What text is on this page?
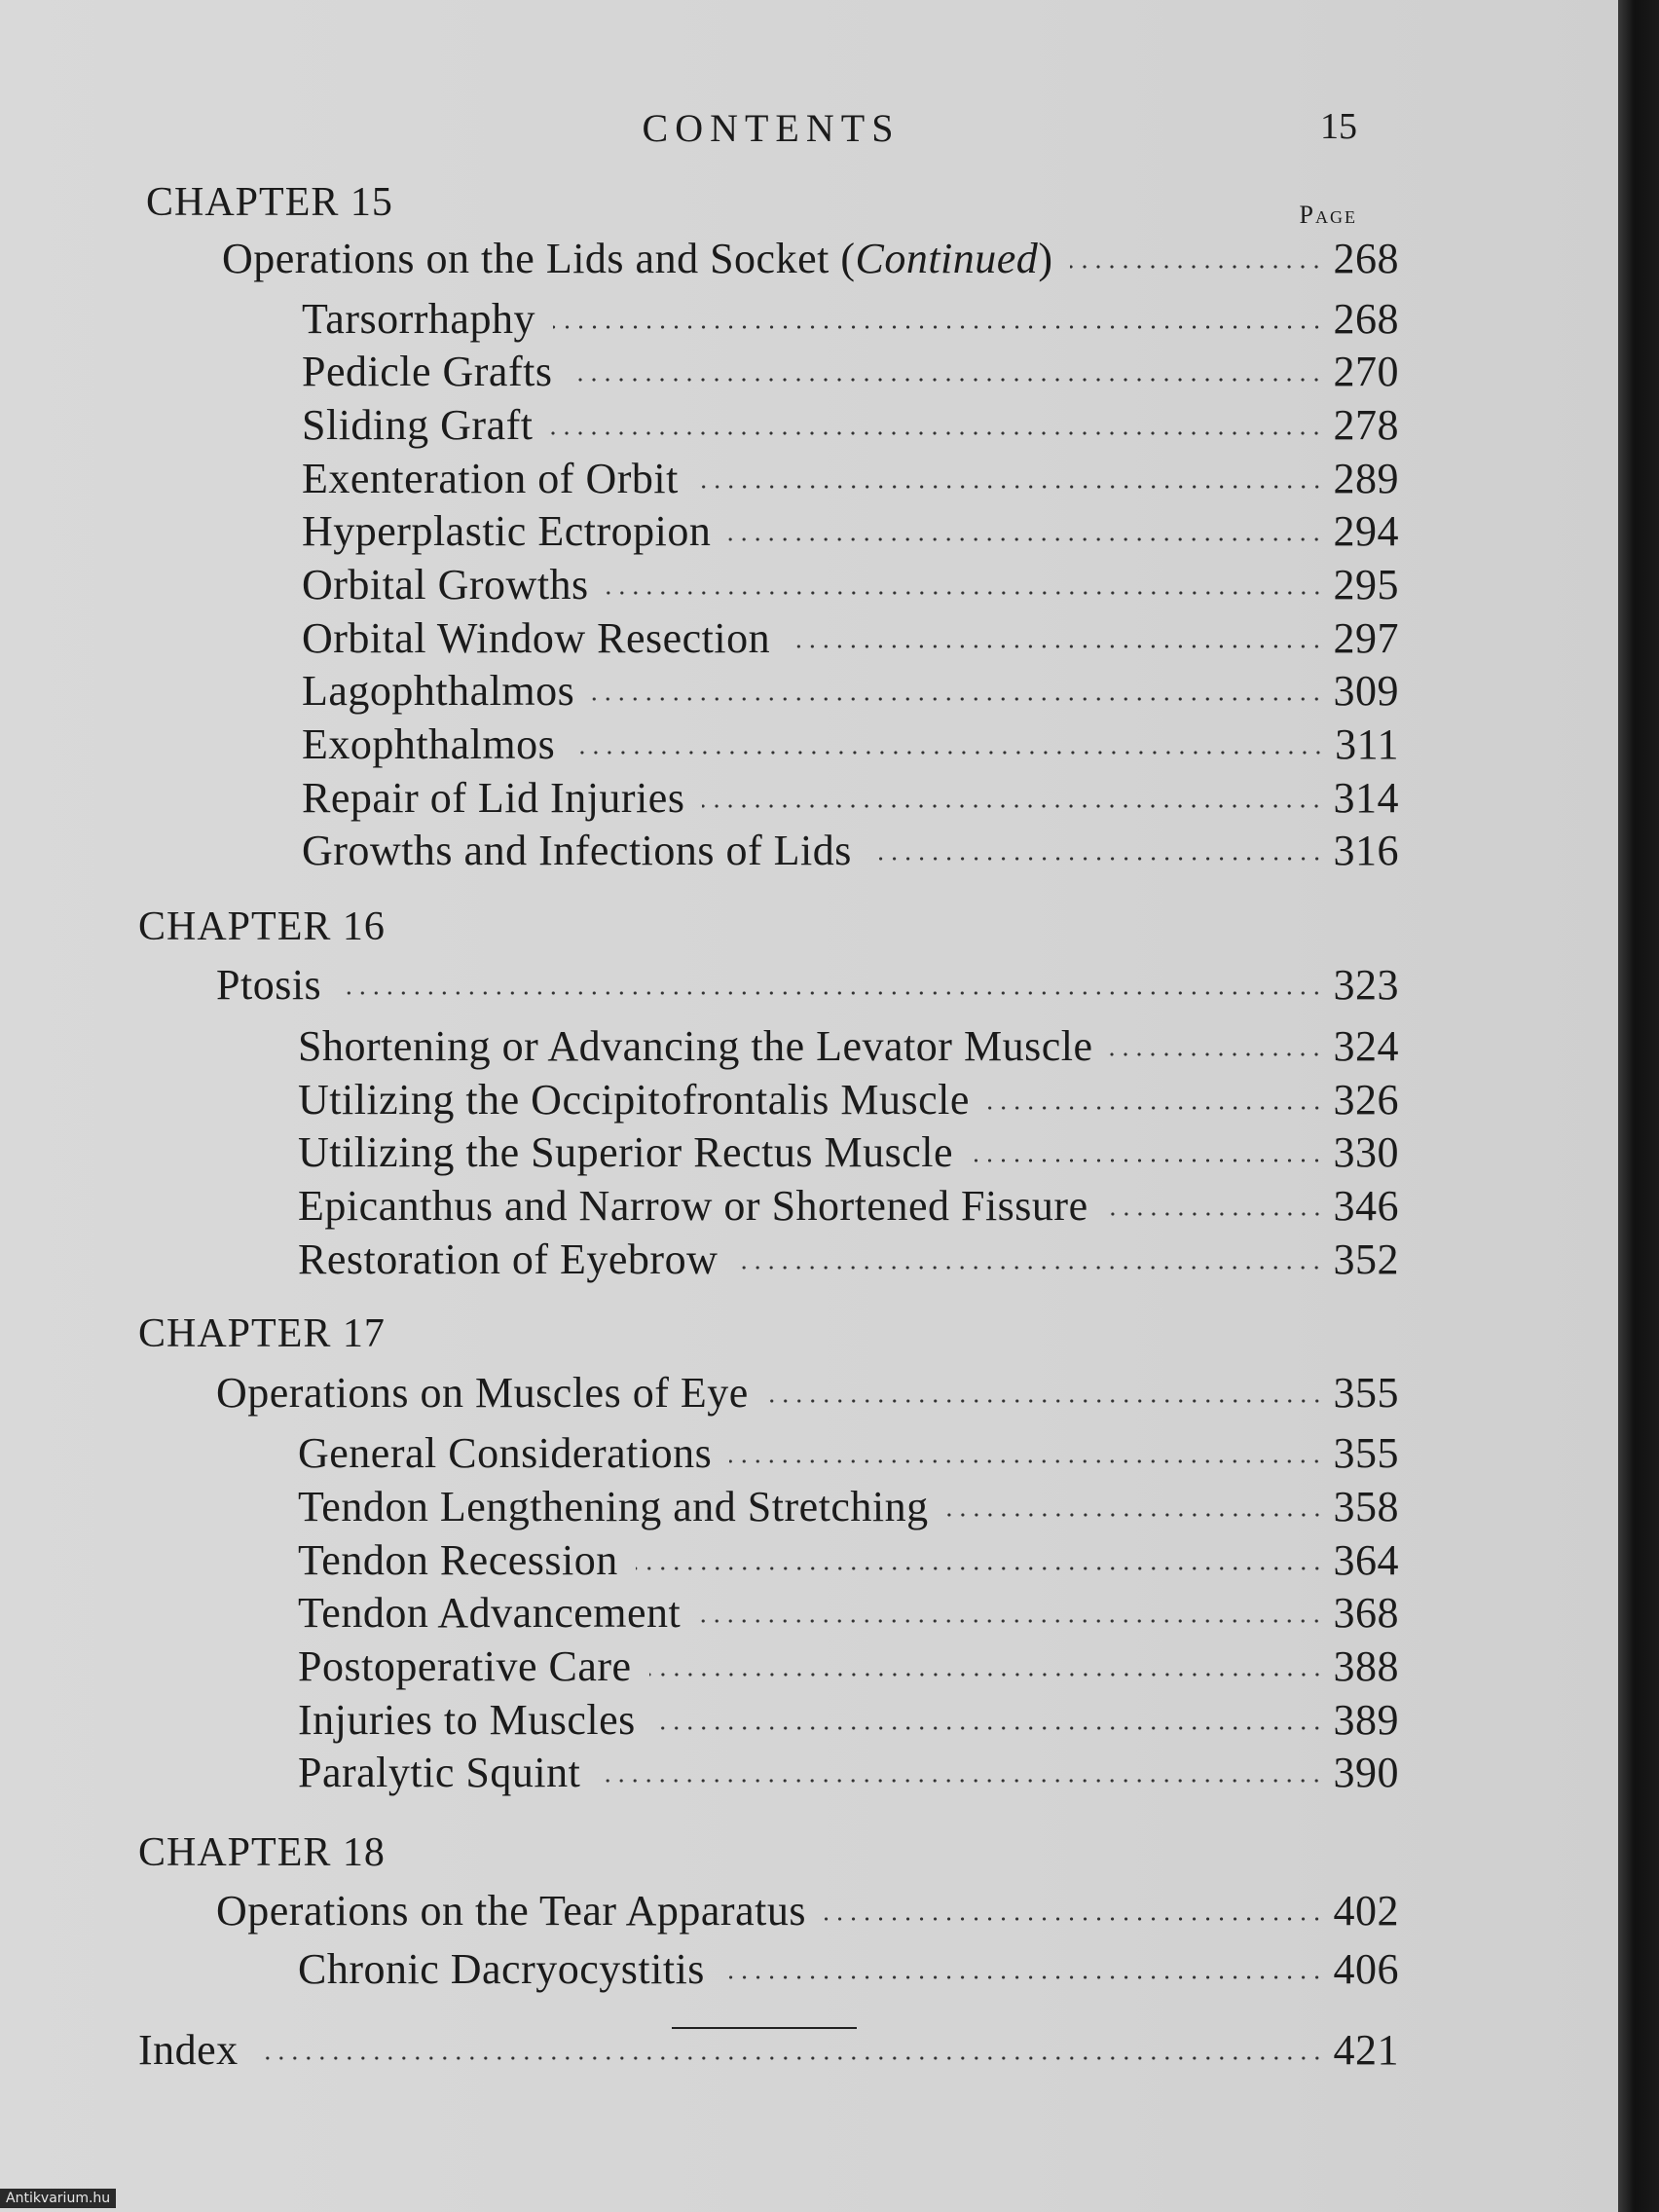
CONTENTS	15
Page
CHAPTER 15
Operations on the Lids and Socket (Continued)	268
Tarsorrhaphy	268
Pedicle Grafts	270
Sliding Graft	278
Exenteration of Orbit	289
Hyperplastic Ectropion	294
Orbital Growths	295
Orbital Window Resection	297
Lagophthalmos	309
Exophthalmos	311
Repair of Lid Injuries	314
Growths and Infections of Lids	316
CHAPTER 16
Ptosis	323
Shortening or Advancing the Levator Muscle	324
Utilizing the Occipitofrontalis Muscle	326
Utilizing the Superior Rectus Muscle	330
Epicanthus and Narrow or Shortened Fissure	346
Restoration of Eyebrow	352
CHAPTER 17
Operations on Muscles of Eye	355
General Considerations	355
Tendon Lengthening and Stretching	358
Tendon Recession	364
Tendon Advancement	368
Postoperative Care	388
Injuries to Muscles	389
Paralytic Squint	390
CHAPTER 18
Operations on the Tear Apparatus	402
Chronic Dacryocystitis	406
Index	421
Antikvarium.hu
